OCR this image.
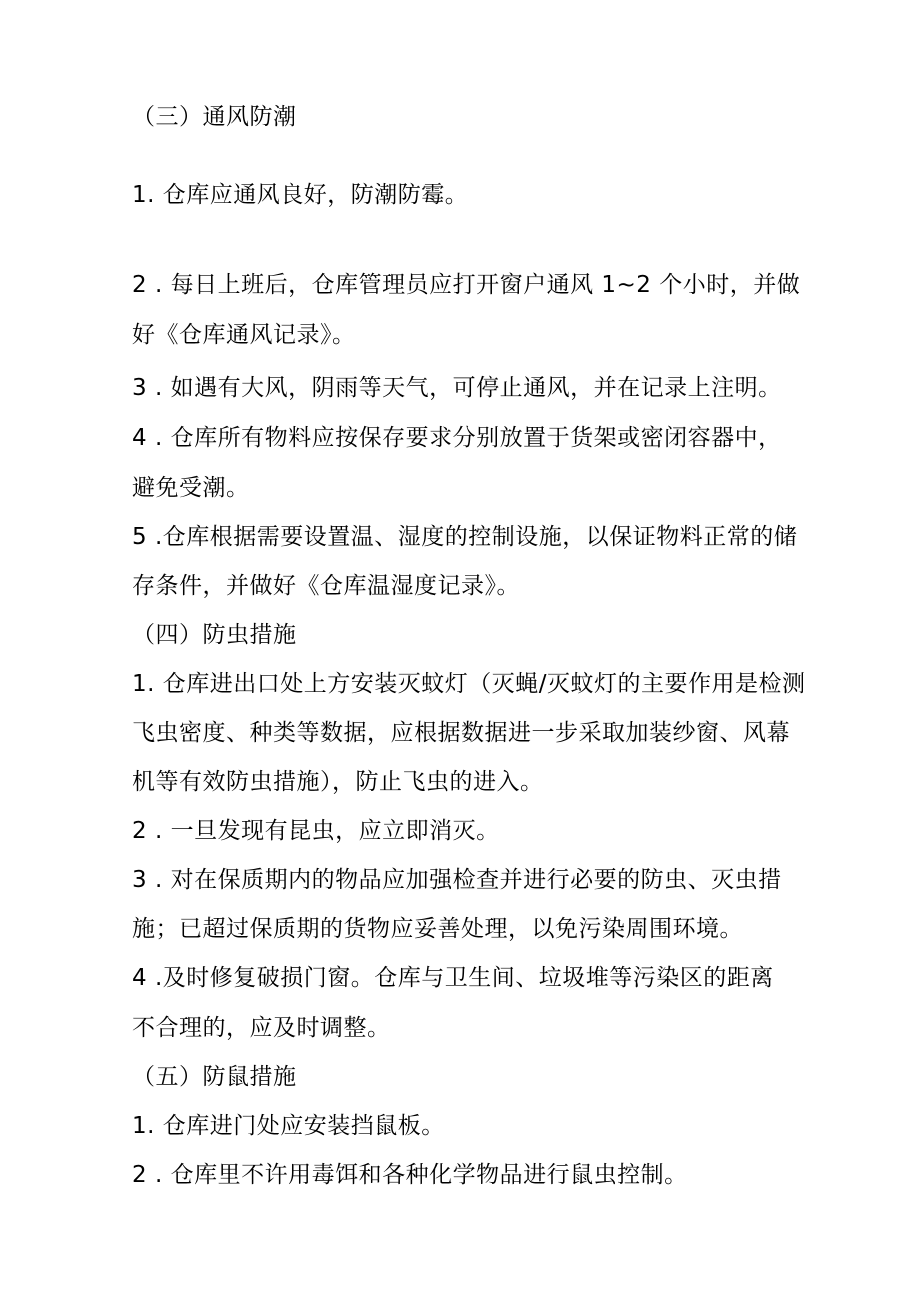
（三）通风防潮
1. 仓库应通风良好，防潮防霉。
2 . 每日上班后，仓库管理员应打开窗户通风 1~2 个小时，并做
好《仓库通风记录》。
3 . 如遇有大风，阴雨等天气，可停止通风，并在记录上注明。
4 . 仓库所有物料应按保存要求分别放置于货架或密闭容器中，
避免受潮。
5 .仓库根据需要设置温、湿度的控制设施，以保证物料正常的储
存条件，并做好《仓库温湿度记录》。
（四）防虫措施
1. 仓库进出口处上方安装灭蚊灯（灭蝇/灭蚊灯的主要作用是检测
飞虫密度、种类等数据，应根据数据进一步采取加装纱窗、风幕
机等有效防虫措施），防止飞虫的进入。
2 . 一旦发现有昆虫，应立即消灭。
3 . 对在保质期内的物品应加强检查并进行必要的防虫、灭虫措
施；已超过保质期的货物应妥善处理，以免污染周围环境。
4 .及时修复破损门窗。仓库与卫生间、垃圾堆等污染区的距离
不合理的，应及时调整。
（五）防鼠措施
1. 仓库进门处应安装挡鼠板。
2 . 仓库里不许用毒饵和各种化学物品进行鼠虫控制。
